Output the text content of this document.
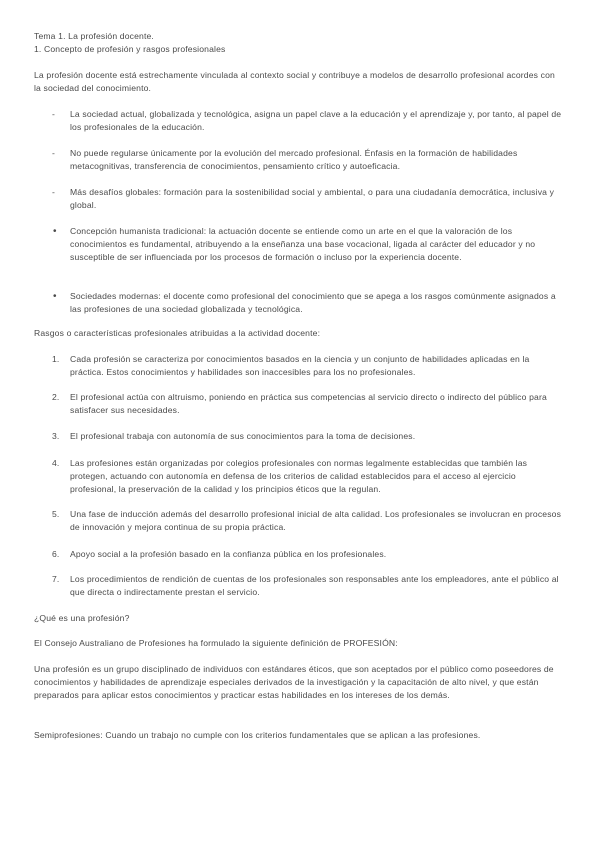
Tema 1. La profesión docente.

1. Concepto de profesión y rasgos profesionales

La profesión docente está estrechamente vinculada al contexto social y contribuye a modelos de desarrollo profesional acordes con la sociedad del conocimiento.

-	La sociedad actual, globalizada y tecnológica, asigna un papel clave a la educación y el aprendizaje y, por tanto, al papel de los profesionales de la educación.

-	No puede regularse únicamente por la evolución del mercado profesional. Énfasis en la formación de habilidades metacognitivas, transferencia de conocimientos, pensamiento crítico y autoeficacia.

-	Más desafíos globales: formación para la sostenibilidad social y ambiental, o para una ciudadanía democrática, inclusiva y global.

•	Concepción humanista tradicional: la actuación docente se entiende como un arte en el que la valoración de los conocimientos es fundamental, atribuyendo a la enseñanza una base vocacional, ligada al carácter del educador y no susceptible de ser influenciada por los procesos de formación o incluso por la experiencia docente.

•	Sociedades modernas: el docente como profesional del conocimiento que se apega a los rasgos comúnmente asignados a las profesiones de una sociedad globalizada y tecnológica.

Rasgos o características profesionales atribuidas a la actividad docente:

1.	Cada profesión se caracteriza por conocimientos basados en la ciencia y un conjunto de habilidades aplicadas en la práctica. Estos conocimientos y habilidades son inaccesibles para los no profesionales.

2.	El profesional actúa con altruismo, poniendo en práctica sus competencias al servicio directo o indirecto del público para satisfacer sus necesidades.

3.	El profesional trabaja con autonomía de sus conocimientos para la toma de decisiones.

4.	Las profesiones están organizadas por colegios profesionales con normas legalmente establecidas que también las protegen, actuando con autonomía en defensa de los criterios de calidad establecidos para el acceso al ejercicio profesional, la preservación de la calidad y los principios éticos que la regulan.

5.	Una fase de inducción además del desarrollo profesional inicial de alta calidad. Los profesionales se involucran en procesos de innovación y mejora continua de su propia práctica.

6.	Apoyo social a la profesión basado en la confianza pública en los profesionales.

7.	Los procedimientos de rendición de cuentas de los profesionales son responsables ante los empleadores, ante el público al que directa o indirectamente prestan el servicio.

¿Qué es una profesión?

El Consejo Australiano de Profesiones ha formulado la siguiente definición de PROFESIÓN:

Una profesión es un grupo disciplinado de individuos con estándares éticos, que son aceptados por el público como poseedores de conocimientos y habilidades de aprendizaje especiales derivados de la investigación y la capacitación de alto nivel, y que están preparados para aplicar estos conocimientos y practicar estas habilidades en los intereses de los demás.

Semiprofesiones: Cuando un trabajo no cumple con los criterios fundamentales que se aplican a las profesiones.
